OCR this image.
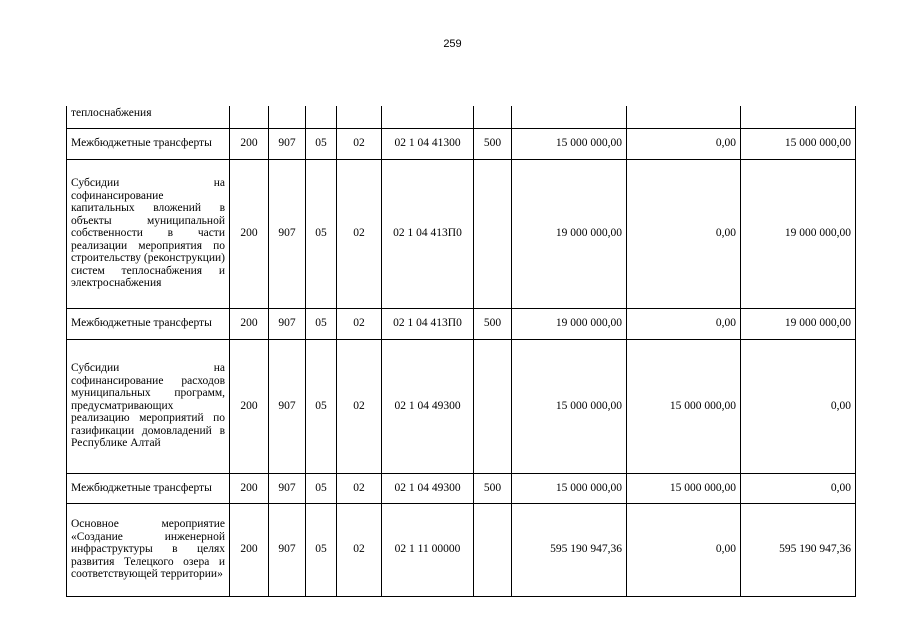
259
теплоснабжения									
Межбюджетные трансферты	200	907	05	02	02 1 04 41300	500	15 000 000,00	0,00	15 000 000,00
Субсидии на софинансирование капитальных вложений в объекты муниципальной собственности в части реализации мероприятия по строительству (реконструкции) систем теплоснабжения и электроснабжения	200	907	05	02	02 1 04 413П0		19 000 000,00	0,00	19 000 000,00
Межбюджетные трансферты	200	907	05	02	02 1 04 413П0	500	19 000 000,00	0,00	19 000 000,00
Субсидии на софинансирование расходов муниципальных программ, предусматривающих реализацию мероприятий по газификации домовладений в Республике Алтай	200	907	05	02	02 1 04 49300		15 000 000,00	15 000 000,00	0,00
Межбюджетные трансферты	200	907	05	02	02 1 04 49300	500	15 000 000,00	15 000 000,00	0,00
Основное мероприятие «Создание инженерной инфраструктуры в целях развития Телецкого озера и соответствующей территории»	200	907	05	02	02 1 11 00000		595 190 947,36	0,00	595 190 947,36
